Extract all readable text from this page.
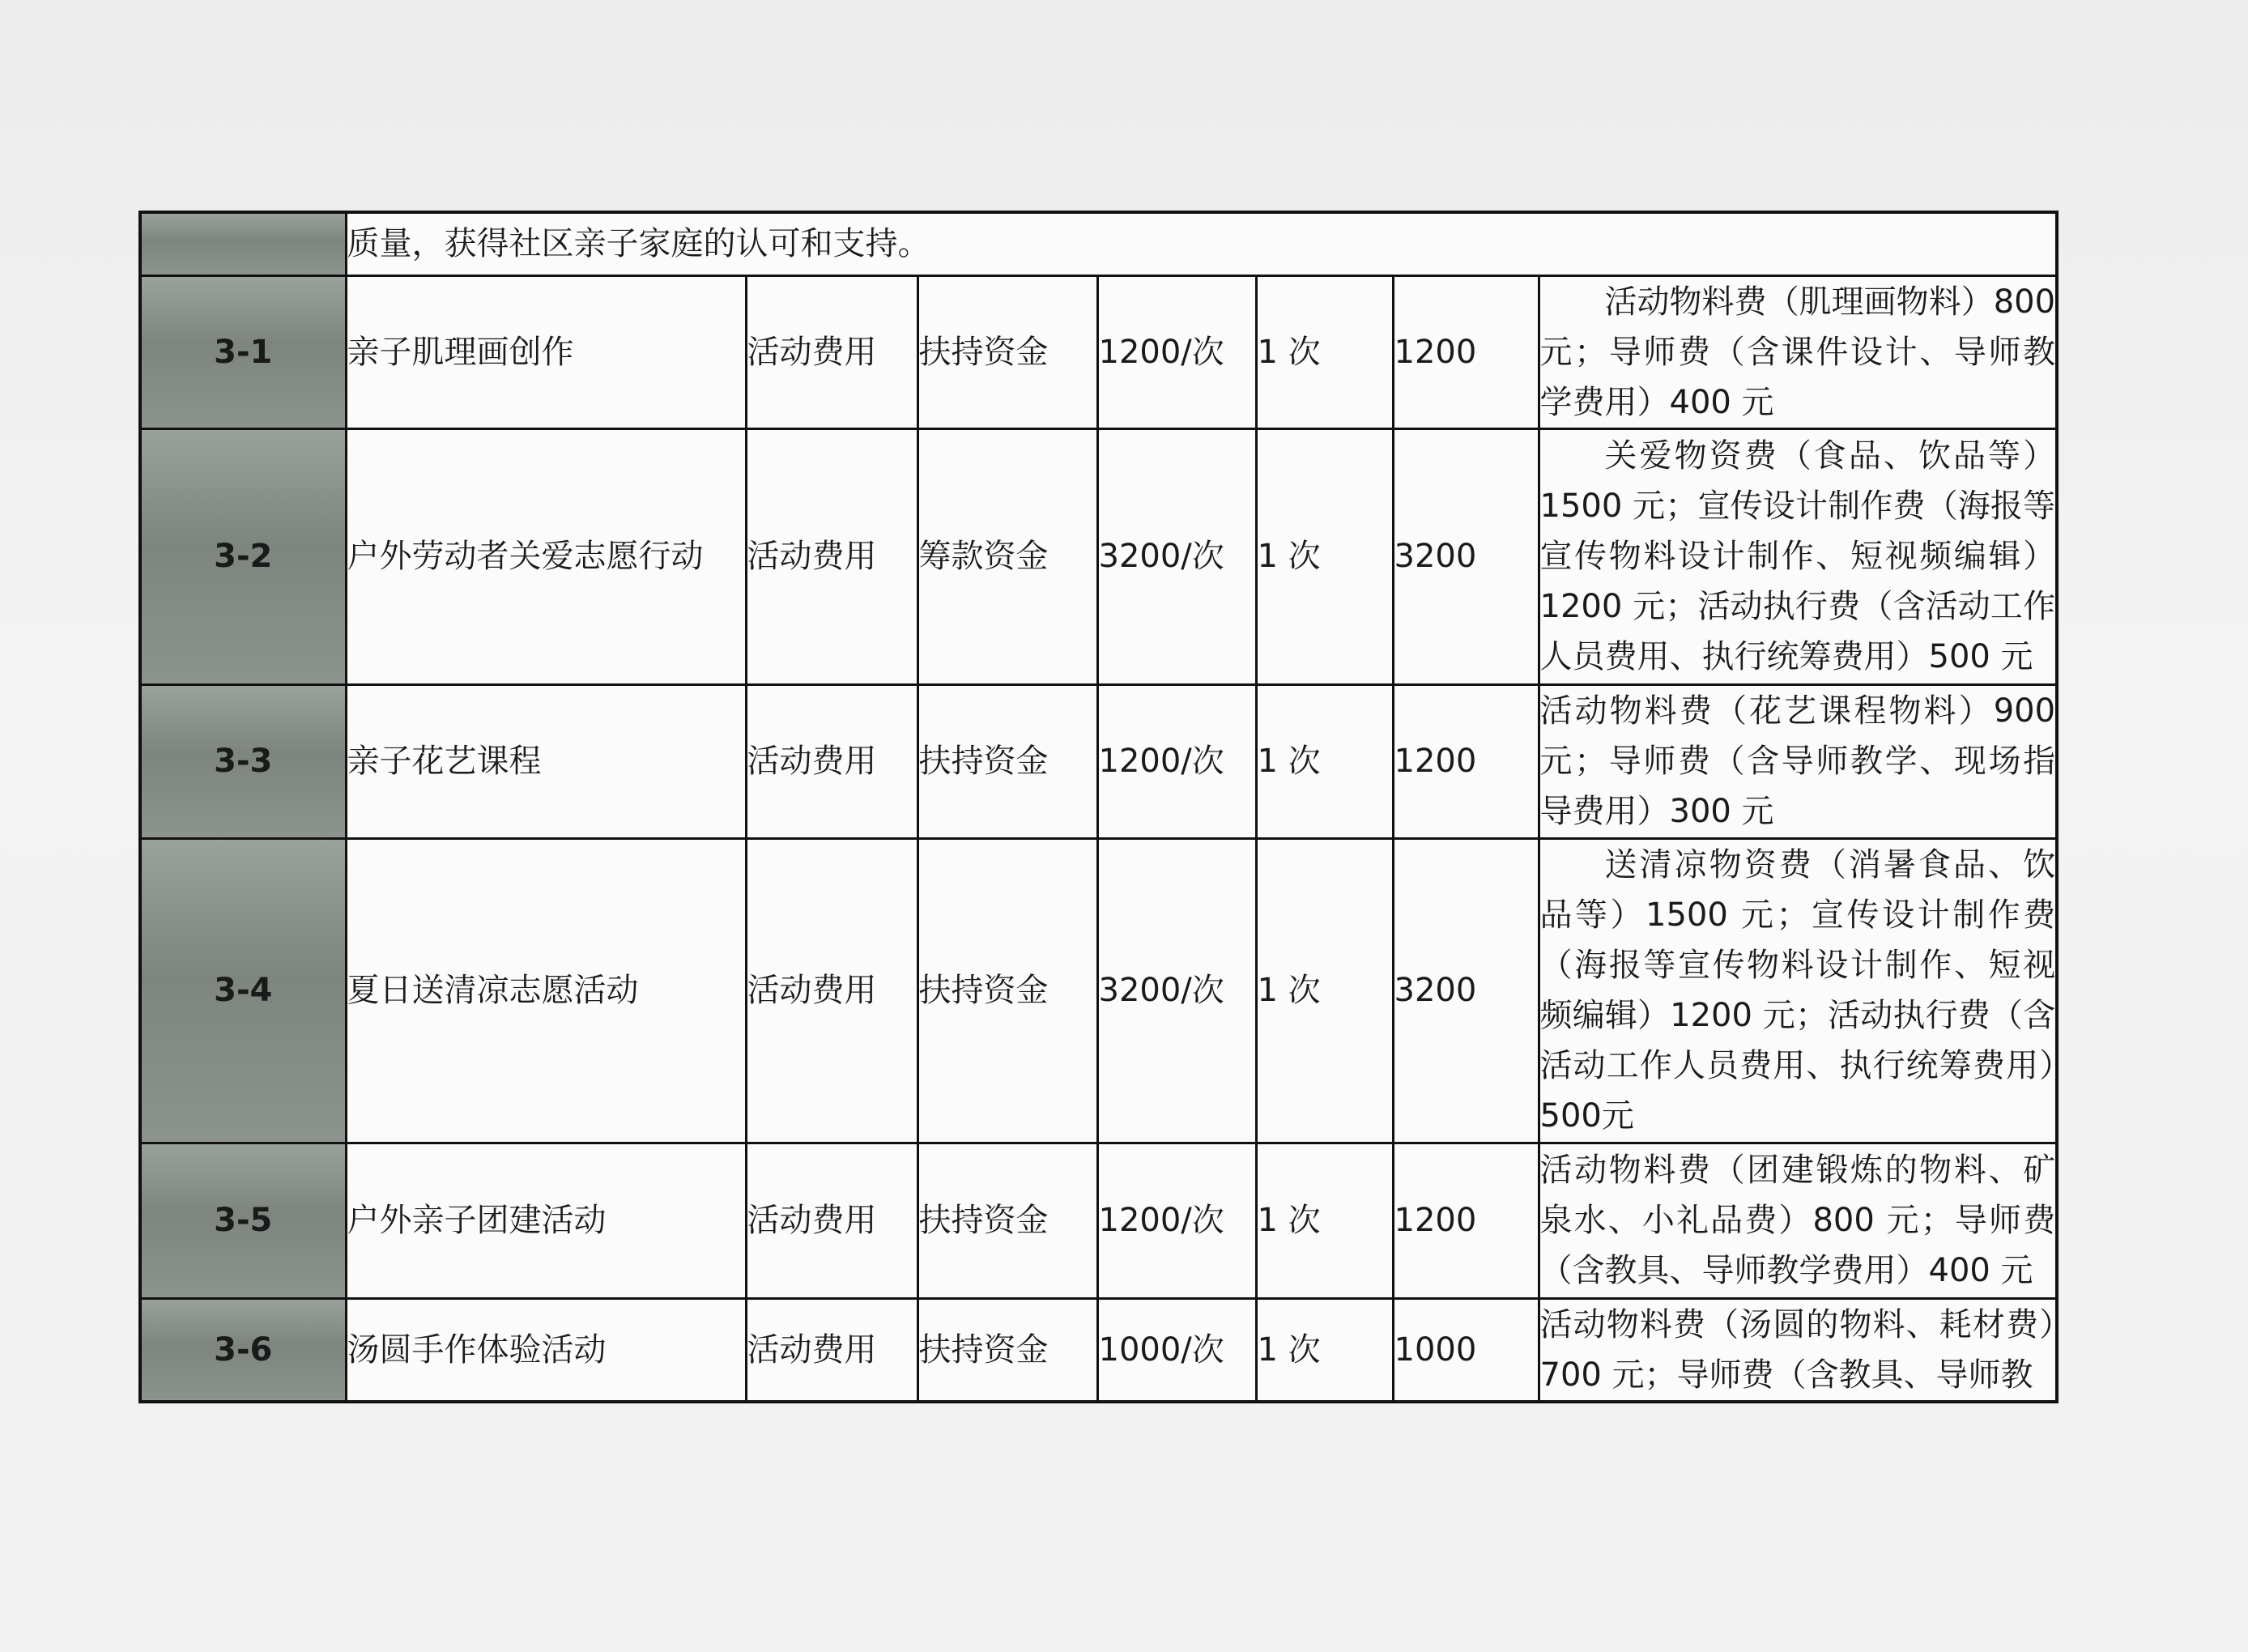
	质量，获得社区亲子家庭的认可和支持。						
3-1	亲子肌理画创作	活动费用	扶持资金	1200/次	1 次	1200	活动物料费（肌理画物料）800元；导师费（含课件设计、导师教学费用）400 元
3-2	户外劳动者关爱志愿行动	活动费用	筹款资金	3200/次	1 次	3200	关爱物资费（食品、饮品等）1500 元；宣传设计制作费（海报等宣传物料设计制作、短视频编辑）1200 元；活动执行费（含活动工作人员费用、执行统筹费用）500 元
3-3	亲子花艺课程	活动费用	扶持资金	1200/次	1 次	1200	活动物料费（花艺课程物料）900元；导师费（含导师教学、现场指导费用）300 元
3-4	夏日送清凉志愿活动	活动费用	扶持资金	3200/次	1 次	3200	送清凉物资费（消暑食品、饮品等）1500 元；宣传设计制作费（海报等宣传物料设计制作、短视频编辑）1200 元；活动执行费（含活动工作人员费用、执行统筹费用）500元
3-5	户外亲子团建活动	活动费用	扶持资金	1200/次	1 次	1200	活动物料费（团建锻炼的物料、矿泉水、小礼品费）800 元；导师费（含教具、导师教学费用）400 元
3-6	汤圆手作体验活动	活动费用	扶持资金	1000/次	1 次	1000	活动物料费（汤圆的物料、耗材费）700 元；导师费（含教具、导师教
